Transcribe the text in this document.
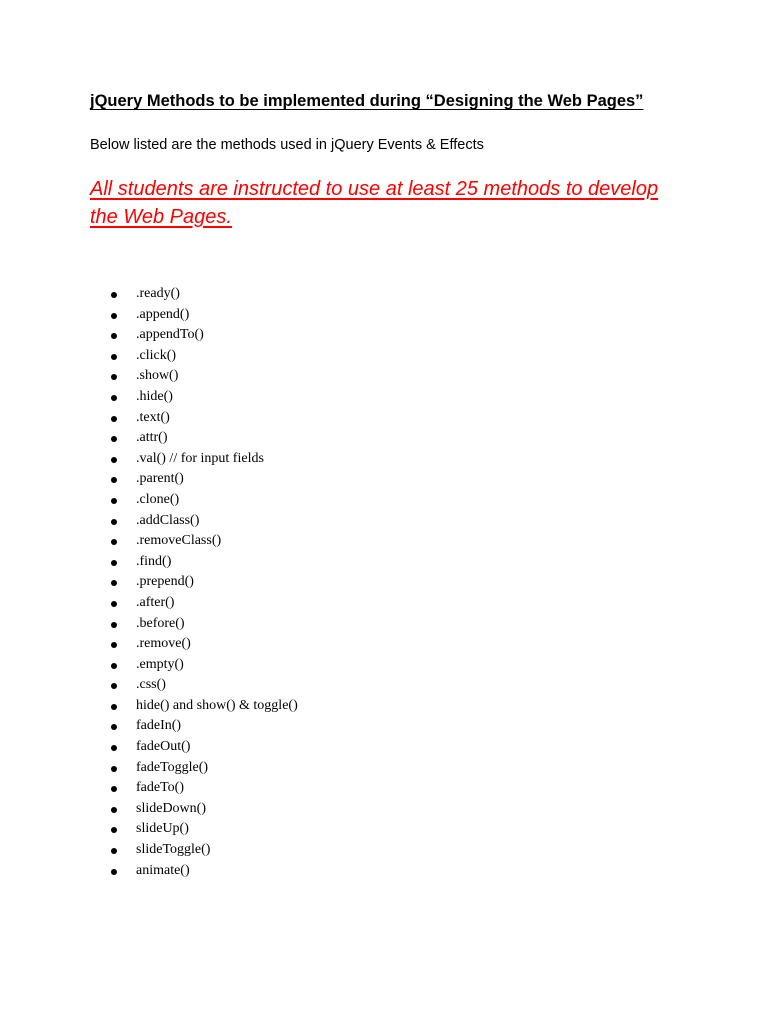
jQuery Methods to be implemented during “Designing the Web Pages”

Below listed are the methods used in jQuery Events & Effects

All students are instructed to use at least 25 methods to develop the Web Pages.

.ready()
.append()
.appendTo()
.click()
.show()
.hide()
.text()
.attr()
.val() // for input fields
.parent()
.clone()
.addClass()
.removeClass()
.find()
.prepend()
.after()
.before()
.remove()
.empty()
.css()
hide() and show() & toggle()
fadeIn()
fadeOut()
fadeToggle()
fadeTo()
slideDown()
slideUp()
slideToggle()
animate()
